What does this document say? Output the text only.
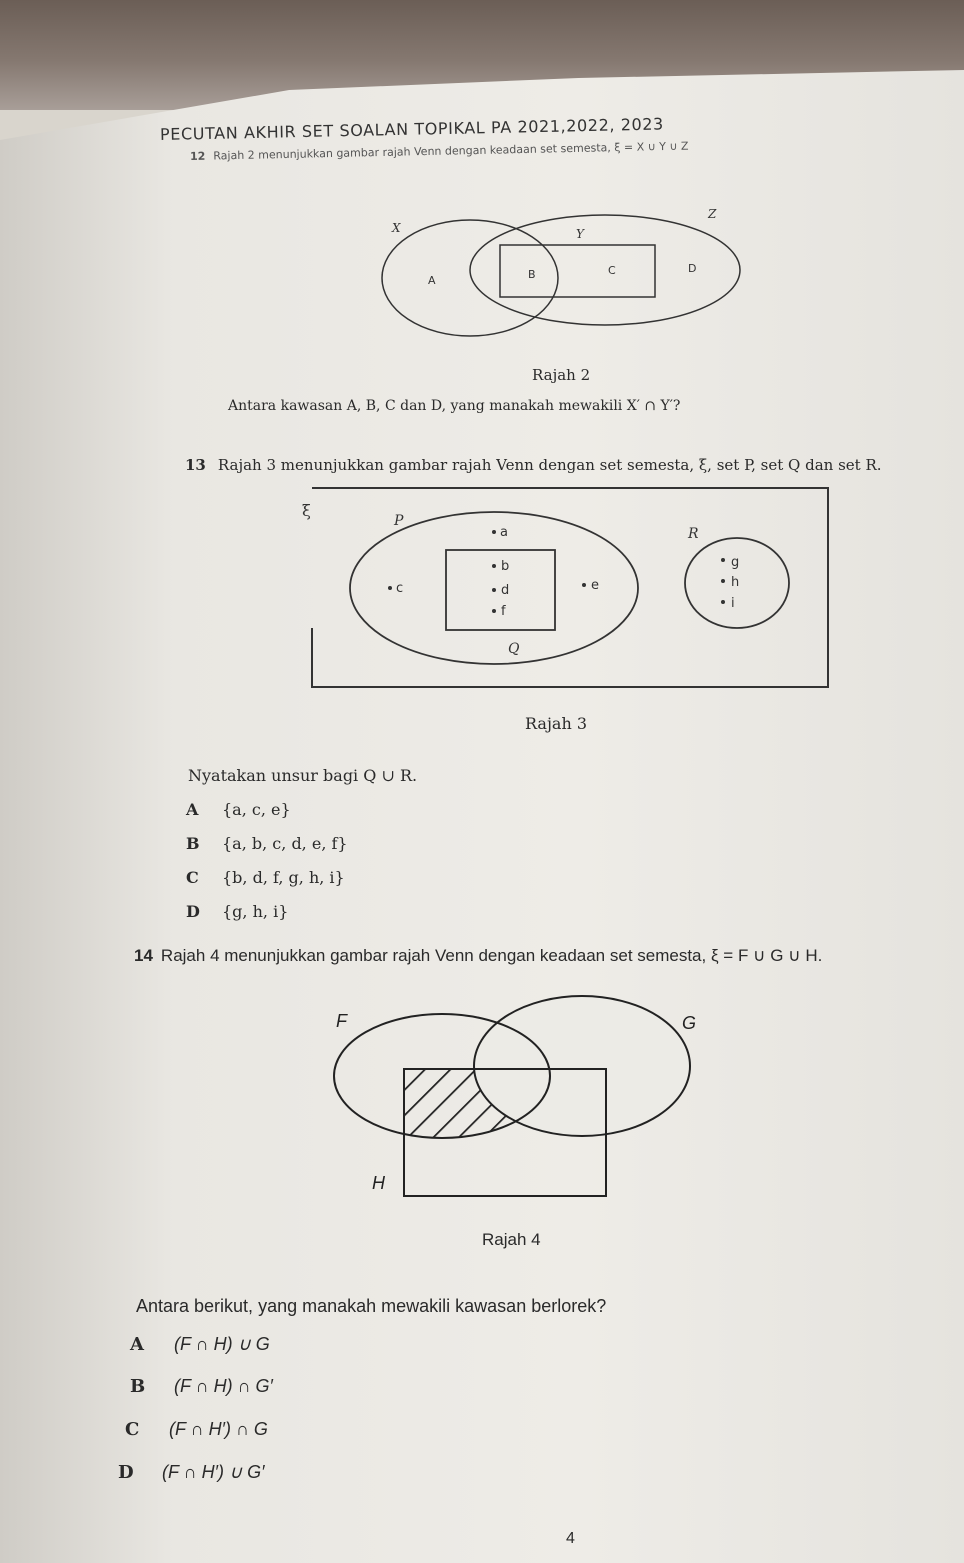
PECUTAN AKHIR SET SOALAN TOPIKAL PA 2021,2022, 2023
12 Rajah 2 menunjukkan gambar rajah Venn dengan keadaan set semesta, ξ = X ∪ Y ∪ Z
X	Y
Z
A	B	C	D
Rajah 2
Antara kawasan A, B, C dan D, yang manakah mewakili X′ ∩ Y′?
13 Rajah 3 menunjukkan gambar rajah Venn dengan set semesta, ξ, set P, set Q dan set R.
ξ
P
Q
R
a
b
c	d	e
f
g
h
i
Rajah 3
Nyatakan unsur bagi Q ∪ R.
A {a, c, e}
B {a, b, c, d, e, f}
C {b, d, f, g, h, i}
D {g, h, i}
14 Rajah 4 menunjukkan gambar rajah Venn dengan keadaan set semesta, ξ = F ∪ G ∪ H.
F	G
H
Rajah 4
Antara berikut, yang manakah mewakili kawasan berlorek?
A (F ∩ H) ∪ G
B (F ∩ H) ∩ G′
C (F ∩ H′) ∩ G
D (F ∩ H′) ∪ G′
4
